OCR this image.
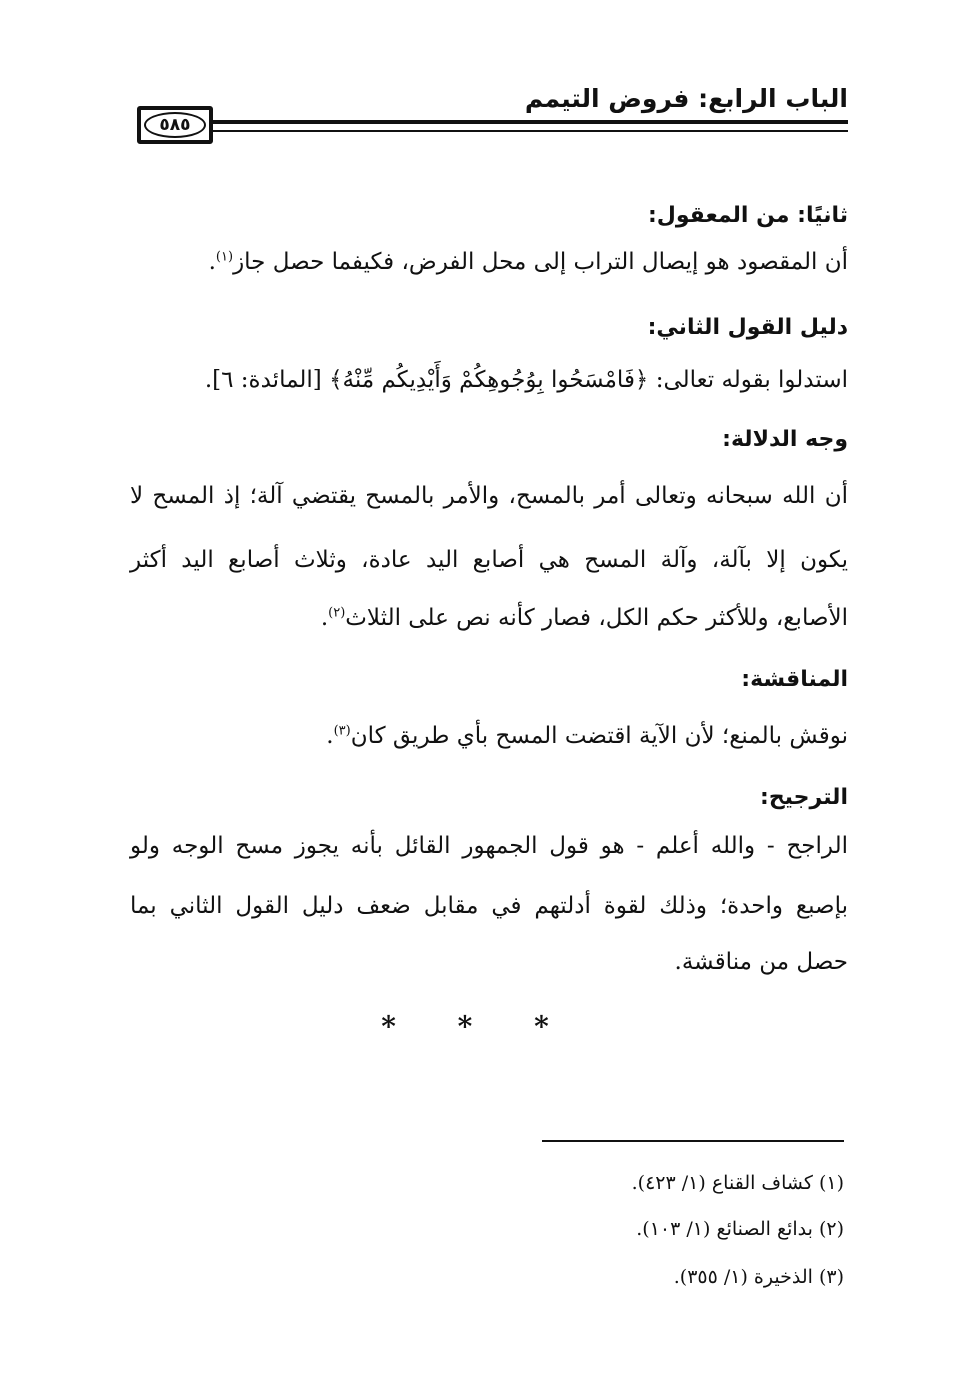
الباب الرابع: فروض التيمم
٥٨٥
ثانيًا: من المعقول:
أن المقصود هو إيصال التراب إلى محل الفرض، فكيفما حصل جاز$^{(١)}$.
دليل القول الثاني:
استدلوا بقوله تعالى: ﴿فَامْسَحُوا بِوُجُوهِكُمْ وَأَيْدِيكُم مِّنْهُ﴾ [المائدة: ٦].
وجه الدلالة:
أن الله سبحانه وتعالى أمر بالمسح، والأمر بالمسح يقتضي آلة؛ إذ المسح لا
يكون إلا بآلة، وآلة المسح هي أصابع اليد عادة، وثلاث أصابع اليد أكثر
الأصابع، وللأكثر حكم الكل، فصار كأنه نص على الثلاث$^{(٢)}$.
المناقشة:
نوقش بالمنع؛ لأن الآية اقتضت المسح بأي طريق كان$^{(٣)}$.
الترجيح:
الراجح - والله أعلم - هو قول الجمهور القائل بأنه يجوز مسح الوجه ولو
بإصبع واحدة؛ وذلك لقوة أدلتهم في مقابل ضعف دليل القول الثاني بما
حصل من مناقشة.
* * *
(١) كشاف القناع (١/ ٤٢٣).
(٢) بدائع الصنائع (١/ ١٠٣).
(٣) الذخيرة (١/ ٣٥٥).
